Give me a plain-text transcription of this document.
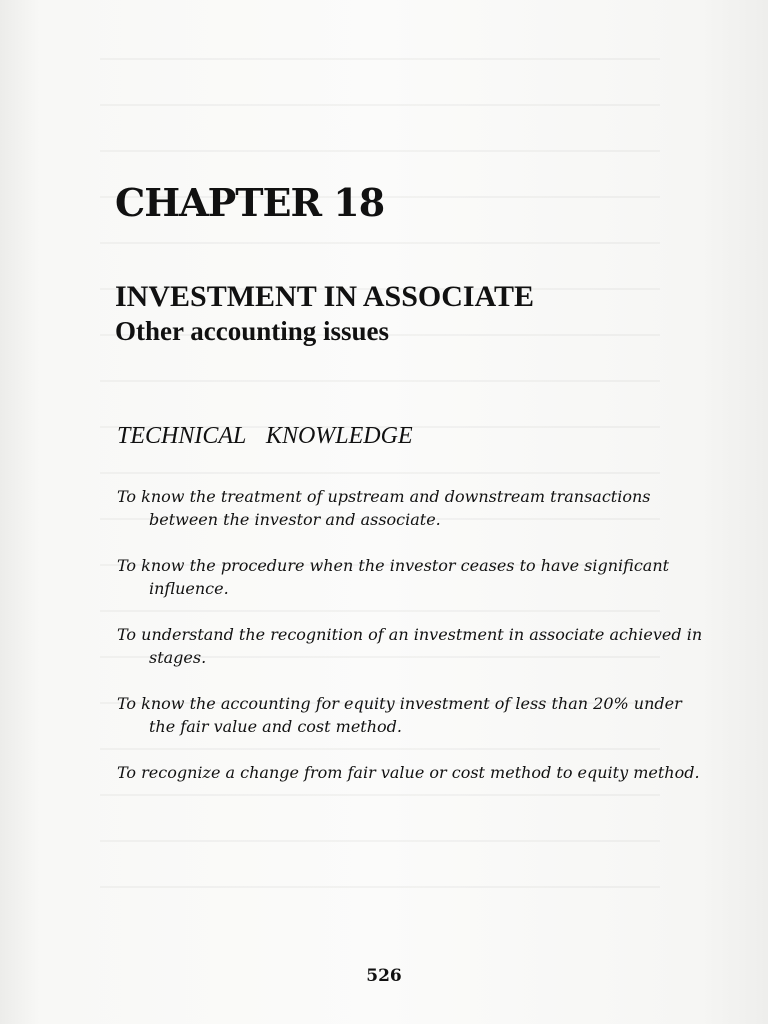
CHAPTER 18
INVESTMENT IN ASSOCIATE
Other accounting issues
TECHNICAL KNOWLEDGE
To know the treatment of upstream and downstream transactions between the investor and associate.
To know the procedure when the investor ceases to have significant influence.
To understand the recognition of an investment in associate achieved in stages.
To know the accounting for equity investment of less than 20% under the fair value and cost method.
To recognize a change from fair value or cost method to equity method.
526
